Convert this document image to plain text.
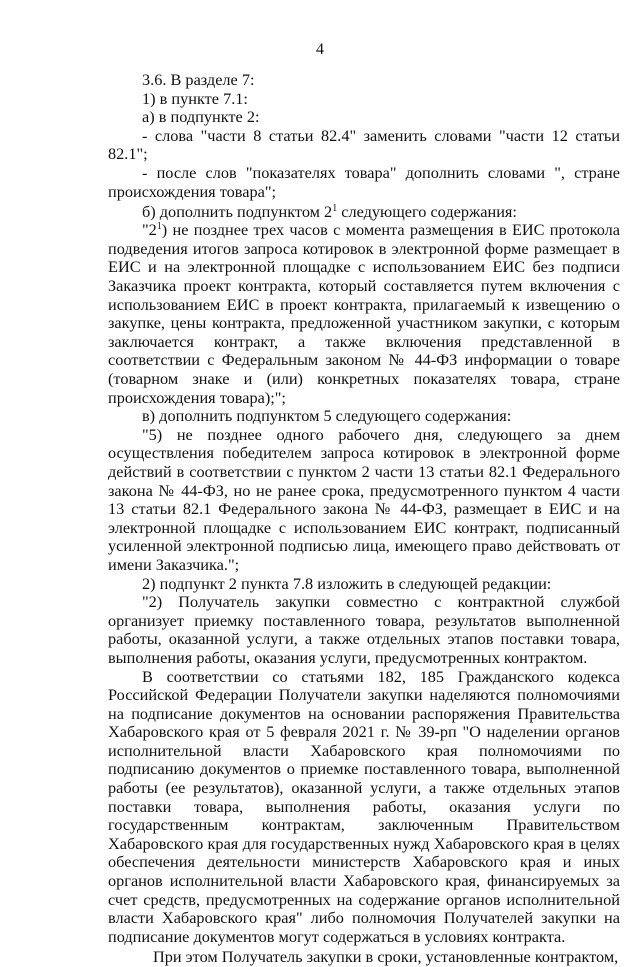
4

3.6. В разделе 7:

1) в пункте 7.1:

а) в подпункте 2:

- слова "части 8 статьи 82.4" заменить словами "части 12 статьи 82.1";

- после слов "показателях товара" дополнить словами ", стране происхождения товара";

б) дополнить подпунктом $2^1$ следующего содержания:

"$2^1$) не позднее трех часов с момента размещения в ЕИС протокола подведения итогов запроса котировок в электронной форме размещает в ЕИС и на электронной площадке с использованием ЕИС без подписи Заказчика проект контракта, который составляется путем включения с использованием ЕИС в проект контракта, прилагаемый к извещению о закупке, цены контракта, предложенной участником закупки, с которым заключается контракт, а также включения представленной в соответствии с Федеральным законом № 44-ФЗ информации о товаре (товарном знаке и (или) конкретных показателях товара, стране происхождения товара);";

в) дополнить подпунктом 5 следующего содержания:

"5) не позднее одного рабочего дня, следующего за днем осуществления победителем запроса котировок в электронной форме действий в соответствии с пунктом 2 части 13 статьи 82.1 Федерального закона № 44-ФЗ, но не ранее срока, предусмотренного пунктом 4 части 13 статьи 82.1 Федерального закона № 44-ФЗ, размещает в ЕИС и на электронной площадке с использованием ЕИС контракт, подписанный усиленной электронной подписью лица, имеющего право действовать от имени Заказчика.";

2) подпункт 2 пункта 7.8 изложить в следующей редакции:

"2) Получатель закупки совместно с контрактной службой организует приемку поставленного товара, результатов выполненной работы, оказанной услуги, а также отдельных этапов поставки товара, выполнения работы, оказания услуги, предусмотренных контрактом.

В соответствии со статьями 182, 185 Гражданского кодекса Российской Федерации Получатели закупки наделяются полномочиями на подписание документов на основании распоряжения Правительства Хабаровского края от 5 февраля 2021 г. № 39-рп "О наделении органов исполнительной власти Хабаровского края полномочиями по подписанию документов о приемке поставленного товара, выполненной работы (ее результатов), оказанной услуги, а также отдельных этапов поставки товара, выполнения работы, оказания услуги по государственным контрактам, заключенным Правительством Хабаровского края для государственных нужд Хабаровского края в целях обеспечения деятельности министерств Хабаровского края и иных органов исполнительной власти Хабаровского края, финансируемых за счет средств, предусмотренных на содержание органов исполнительной власти Хабаровского края" либо полномочия Получателей закупки на подписание документов могут содержаться в условиях контракта.

При этом Получатель закупки в сроки, установленные контрактом,
